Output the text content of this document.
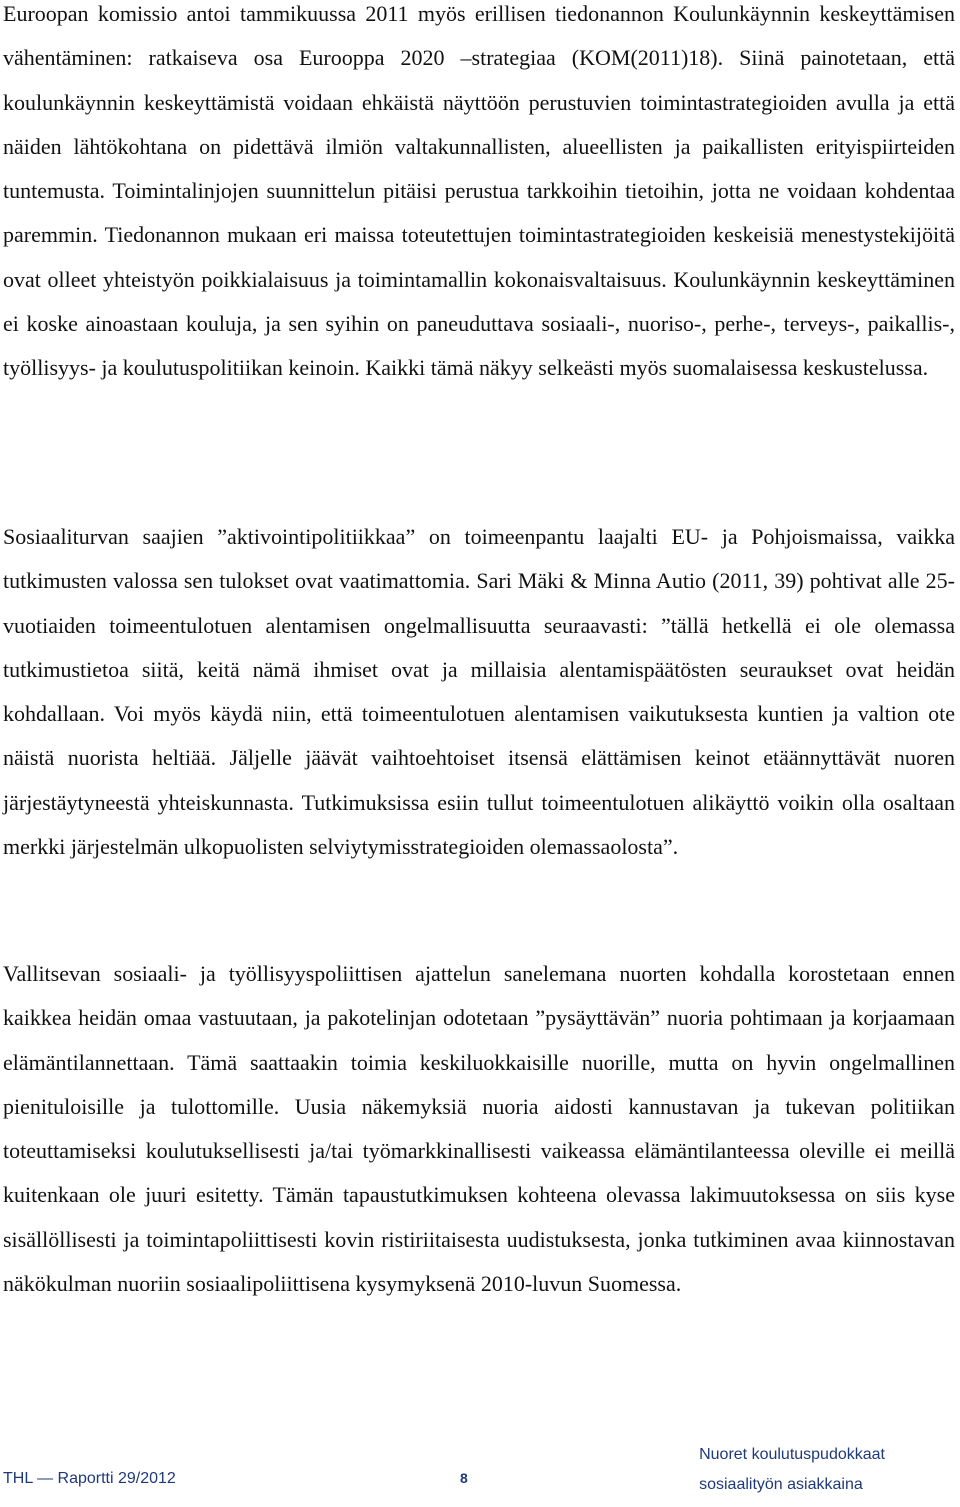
Euroopan komissio antoi tammikuussa 2011 myös erillisen tiedonannon Koulunkäynnin keskeyttämisen vähentäminen: ratkaiseva osa Eurooppa 2020 –strategiaa (KOM(2011)18). Siinä painotetaan, että koulunkäynnin keskeyttämistä voidaan ehkäistä näyttöön perustuvien toimintastrategioiden avulla ja että näiden lähtökohtana on pidettävä ilmiön valtakunnallisten, alueellisten ja paikallisten erityispiirteiden tuntemusta. Toimintalinjojen suunnittelun pitäisi perustua tarkkoihin tietoihin, jotta ne voidaan kohdentaa paremmin. Tiedonannon mukaan eri maissa toteutettujen toimintastrategioiden keskeisiä menestystekijöitä ovat olleet yhteistyön poikkialaisuus ja toimintamallin kokonaisvaltaisuus. Koulunkäynnin keskeyttäminen ei koske ainoastaan kouluja, ja sen syihin on paneuduttava sosiaali-, nuoriso-, perhe-, terveys-, paikallis-, työllisyys- ja koulutuspolitiikan keinoin. Kaikki tämä näkyy selkeästi myös suomalaisessa keskustelussa.

Sosiaaliturvan saajien ”aktivointipolitiikkaa” on toimeenpantu laajalti EU- ja Pohjoismaissa, vaikka tutkimusten valossa sen tulokset ovat vaatimattomia. Sari Mäki & Minna Autio (2011, 39) pohtivat alle 25-vuotiaiden toimeentulotuen alentamisen ongelmallisuutta seuraavasti: ”tällä hetkellä ei ole olemassa tutkimustietoa siitä, keitä nämä ihmiset ovat ja millaisia alentamispäätösten seuraukset ovat heidän kohdallaan. Voi myös käydä niin, että toimeentulotuen alentamisen vaikutuksesta kuntien ja valtion ote näistä nuorista heltiää. Jäljelle jäävät vaihtoehtoiset itsensä elättämisen keinot etäännyttävät nuoren järjestäytyneestä yhteiskunnasta. Tutkimuksissa esiin tullut toimeentulotuen alikäyttö voikin olla osaltaan merkki järjestelmän ulkopuolisten selviytymisstrategioiden olemassaolosta”.

Vallitsevan sosiaali- ja työllisyyspoliittisen ajattelun sanelemana nuorten kohdalla korostetaan ennen kaikkea heidän omaa vastuutaan, ja pakotelinjan odotetaan ”pysäyttävän” nuoria pohtimaan ja korjaamaan elämäntilannettaan. Tämä saattaakin toimia keskiluokkaisille nuorille, mutta on hyvin ongelmallinen pienituloisille ja tulottomille. Uusia näkemyksiä nuoria aidosti kannustavan ja tukevan politiikan toteuttamiseksi koulutuksellisesti ja/tai työmarkkinallisesti vaikeassa elämäntilanteessa oleville ei meillä kuitenkaan ole juuri esitetty. Tämän tapaustutkimuksen kohteena olevassa lakimuutoksessa on siis kyse sisällöllisesti ja toimintapoliittisesti kovin ristiriitaisesta uudistuksesta, jonka tutkiminen avaa kiinnostavan näkökulman nuoriin sosiaalipoliittisena kysymyksenä 2010-luvun Suomessa.

THL — Raportti 29/2012	8
Nuoret koulutuspudokkaat
sosiaalityön asiakkaina
